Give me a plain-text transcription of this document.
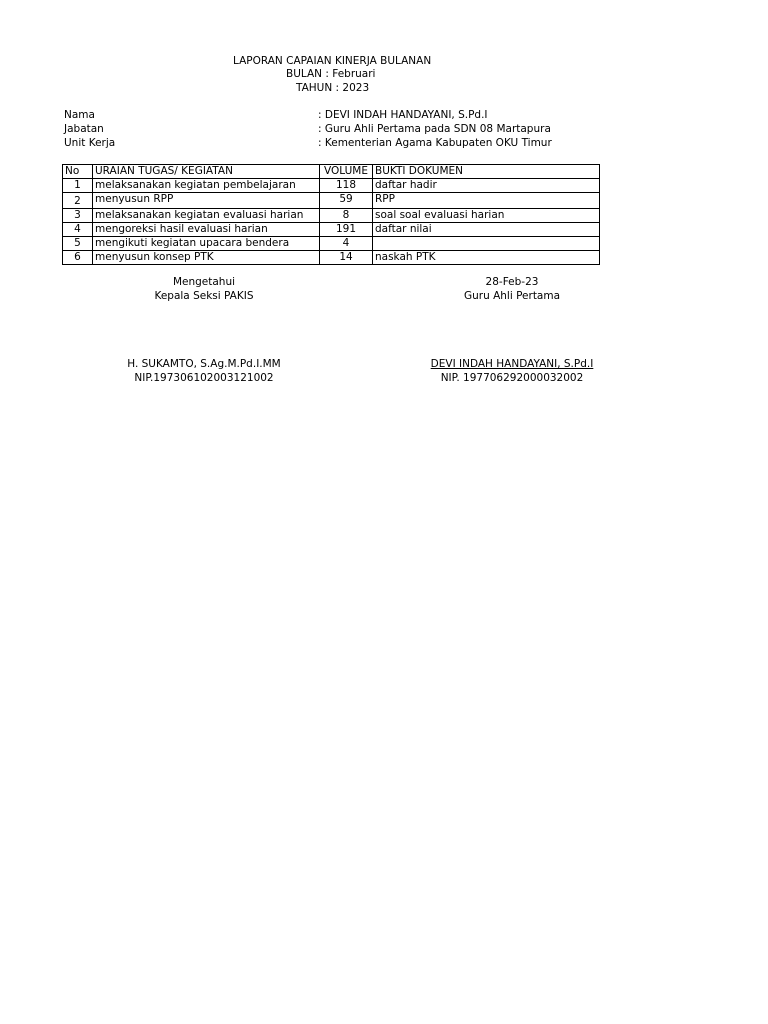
LAPORAN CAPAIAN KINERJA BULANAN
BULAN : Februari
TAHUN : 2023
Nama	: DEVI INDAH HANDAYANI, S.Pd.I
Jabatan	: Guru Ahli Pertama pada SDN 08 Martapura
Unit Kerja	: Kementerian Agama Kabupaten OKU Timur
No	URAIAN TUGAS/ KEGIATAN	VOLUME	BUKTI DOKUMEN
1	melaksanakan kegiatan pembelajaran	118	daftar hadir
2	menyusun RPP	59	RPP
3	melaksanakan kegiatan evaluasi harian	8	soal soal evaluasi harian
4	mengoreksi hasil evaluasi harian	191	daftar nilai
5	mengikuti kegiatan upacara bendera	4	
6	menyusun konsep PTK	14	naskah PTK
Mengetahui
Kepala Seksi PAKIS
H. SUKAMTO, S.Ag.M.Pd.I.MM
NIP.197306102003121002
28-Feb-23
Guru Ahli Pertama
DEVI INDAH HANDAYANI, S.Pd.I
NIP. 197706292000032002
